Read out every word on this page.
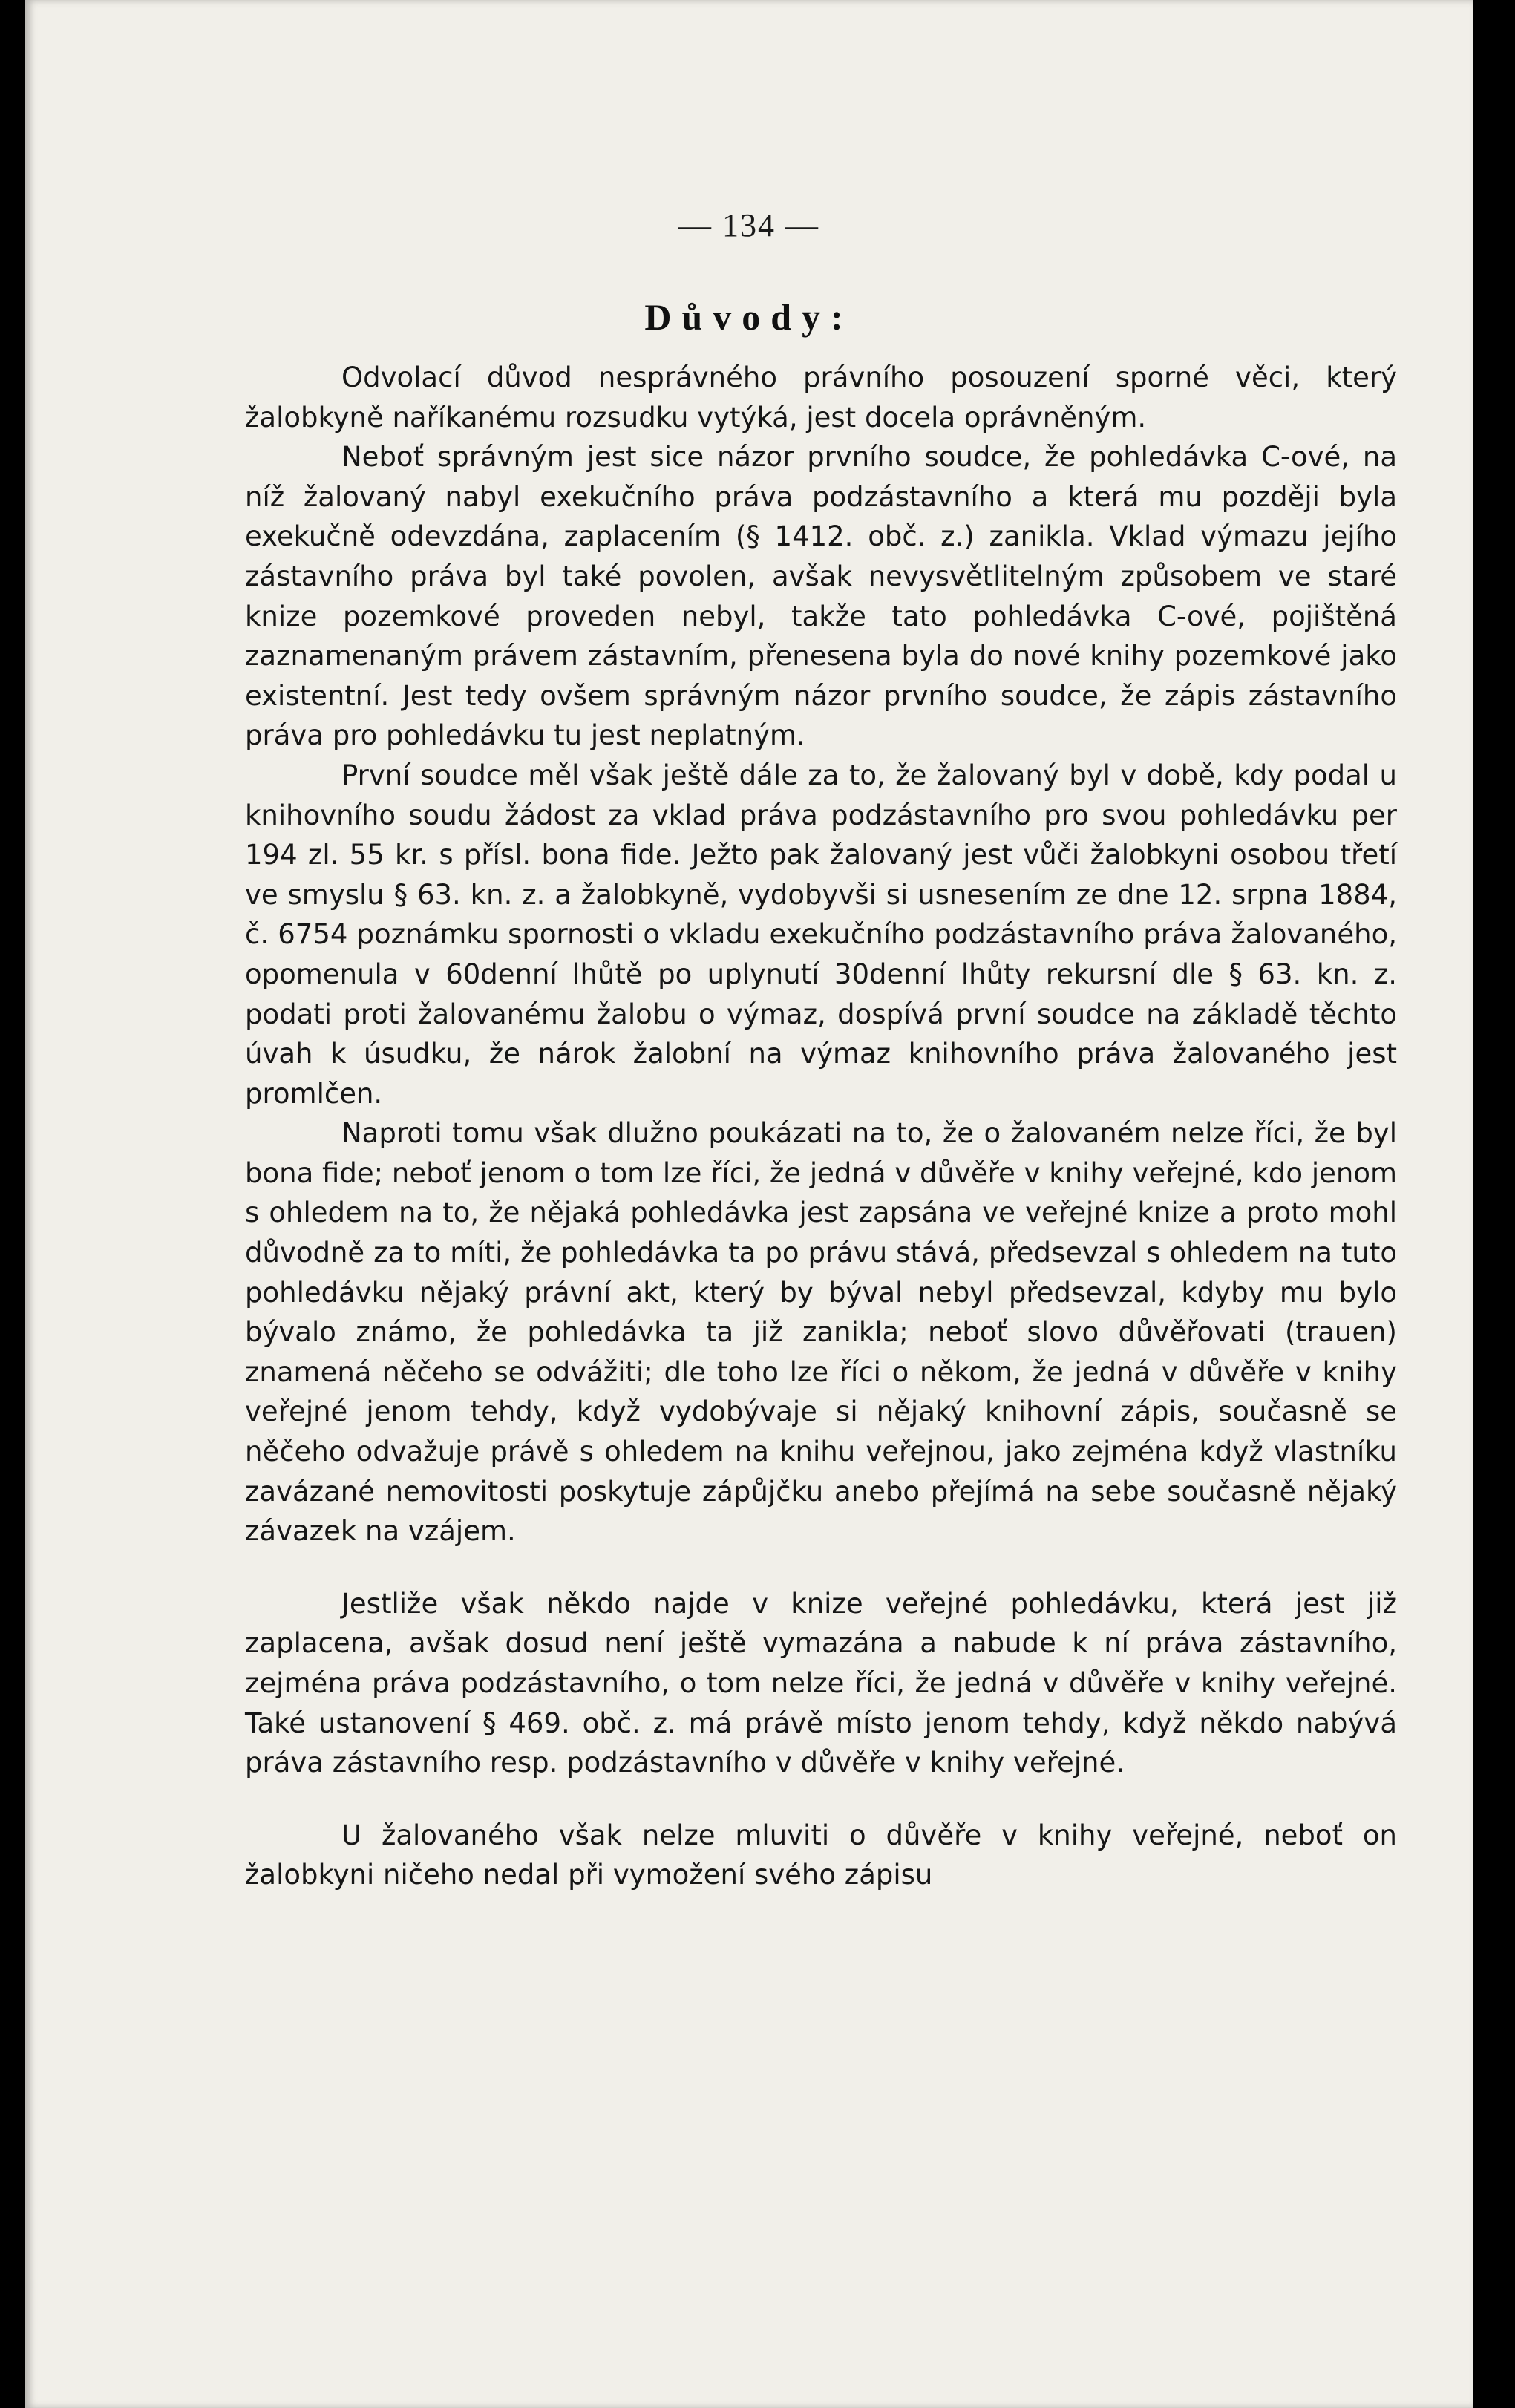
— 134 —
Důvody:

Odvolací důvod nesprávného právního posouzení sporné věci, který žalobkyně naříkanému rozsudku vytýká, jest docela oprávněným.

Neboť správným jest sice názor prvního soudce, že pohledávka C-ové, na níž žalovaný nabyl exekučního práva podzástavního a která mu později byla exekučně odevzdána, zaplacením (§ 1412. obč. z.) zanikla. Vklad výmazu jejího zástavního práva byl také povolen, avšak nevysvětlitelným způsobem ve staré knize pozemkové proveden nebyl, takže tato pohledávka C-ové, pojištěná zaznamenaným právem zástavním, přenesena byla do nové knihy pozemkové jako existentní. Jest tedy ovšem správným názor prvního soudce, že zápis zástavního práva pro pohledávku tu jest neplatným.

První soudce měl však ještě dále za to, že žalovaný byl v době, kdy podal u knihovního soudu žádost za vklad práva podzástavního pro svou pohledávku per 194 zl. 55 kr. s přísl. bona fide. Ježto pak žalovaný jest vůči žalobkyni osobou třetí ve smyslu § 63. kn. z. a žalobkyně, vydobyvši si usnesením ze dne 12. srpna 1884, č. 6754 poznámku spornosti o vkladu exekučního podzástavního práva žalovaného, opomenula v 60denní lhůtě po uplynutí 30denní lhůty rekursní dle § 63. kn. z. podati proti žalovanému žalobu o výmaz, dospívá první soudce na základě těchto úvah k úsudku, že nárok žalobní na výmaz knihovního práva žalovaného jest promlčen.

Naproti tomu však dlužno poukázati na to, že o žalovaném nelze říci, že byl bona fide; neboť jenom o tom lze říci, že jedná v důvěře v knihy veřejné, kdo jenom s ohledem na to, že nějaká pohledávka jest zapsána ve veřejné knize a proto mohl důvodně za to míti, že pohledávka ta po právu stává, předsevzal s ohledem na tuto pohledávku nějaký právní akt, který by býval nebyl předsevzal, kdyby mu bylo bývalo známo, že pohledávka ta již zanikla; neboť slovo důvěřovati (trauen) znamená něčeho se odvážiti; dle toho lze říci o někom, že jedná v důvěře v knihy veřejné jenom tehdy, když vydobývaje si nějaký knihovní zápis, současně se něčeho odvažuje právě s ohledem na knihu veřejnou, jako zejména když vlastníku zavázané nemovitosti poskytuje zápůjčku anebo přejímá na sebe současně nějaký závazek na vzájem.

Jestliže však někdo najde v knize veřejné pohledávku, která jest již zaplacena, avšak dosud není ještě vymazána a nabude k ní práva zástavního, zejména práva podzástavního, o tom nelze říci, že jedná v důvěře v knihy veřejné. Také ustanovení § 469. obč. z. má právě místo jenom tehdy, když někdo nabývá práva zástavního resp. podzástavního v důvěře v knihy veřejné.

U žalovaného však nelze mluviti o důvěře v knihy veřejné, neboť on žalobkyni ničeho nedal při vymožení svého zápisu
